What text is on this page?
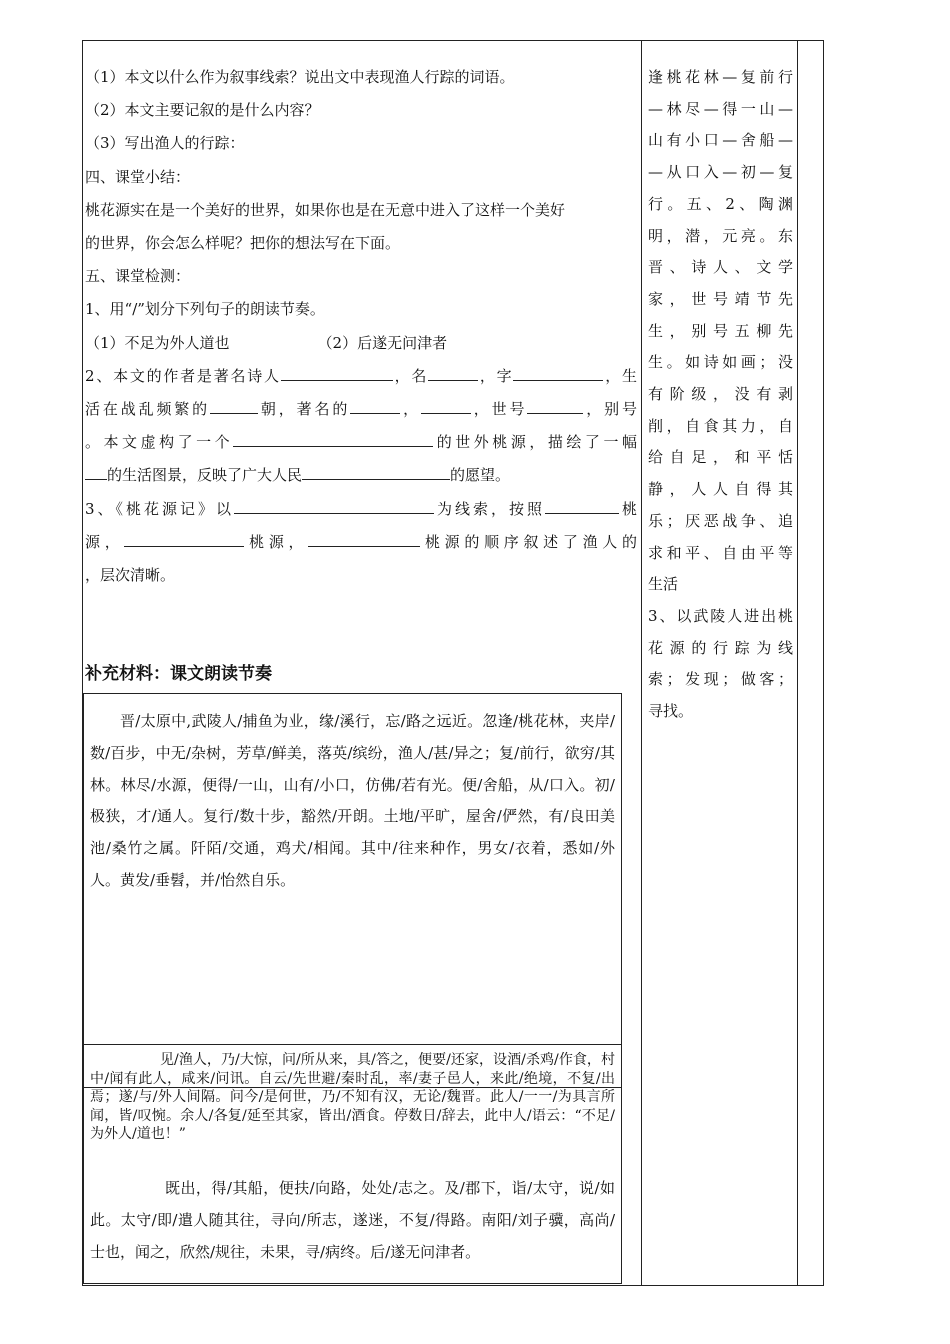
（1）本文以什么作为叙事线索？说出文中表现渔人行踪的词语。

（2）本文主要记叙的是什么内容？

（3）写出渔人的行踪：

四、课堂小结：

桃花源实在是一个美好的世界，如果你也是在无意中进入了这样一个美好

的世界，你会怎么样呢？把你的想法写在下面。

五、课堂检测：

1、用“/”划分下列句子的朗读节奏。

（1）不足为外人道也	（2）后遂无问津者

2、本文的作者是著名诗人	，名	，字	，生

活在战乱频繁的	朝，著名的	，	，世号	，别号

。本文虚构了一个	的世外桃源，描绘了一幅

的生活图景，反映了广大人民	的愿望。

3、《桃花源记》以	为线索，按照	桃

源，	桃源，	桃源的顺序叙述了渔人的

，层次清晰。

逢桃花林—复前行

—林尽—得一山—

山有小口—舍船—

—从口入—初—复

行。五、2、陶渊

明，潜，元亮。东

晋、诗人、文学

家，世号靖节先

生，别号五柳先

生。如诗如画；没

有阶级，没有剥

削，自食其力，自

给自足，和平恬

静，人人自得其

乐；厌恶战争、追

求和平、自由平等

生活

3、以武陵人进出桃

花源的行踪为线

索；发现；做客；

寻找。

补充材料：课文朗读节奏
晋/太原中,武陵人/捕鱼为业，缘/溪行，忘/路之远近。忽逢/桃花林，夹岸/数/百步，中无/杂树，芳草/鲜美，落英/缤纷，渔人/甚/异之；复/前行，欲穷/其林。林尽/水源，便得/一山，山有/小口，仿佛/若有光。便/舍船，从/口入。初/极狭，才/通人。复行/数十步，豁然/开朗。土地/平旷，屋舍/俨然，有/良田美池/桑竹之属。阡陌/交通，鸡犬/相闻。其中/往来种作，男女/衣着，悉如/外人。黄发/垂髫，并/怡然自乐。
见/渔人，乃/大惊，问/所从来，具/答之，便要/还家，设酒/杀鸡/作食，村中/闻有此人，咸来/问讯。自云/先世避/秦时乱，率/妻子邑人，来此/绝境，不复/出焉；遂/与/外人间隔。问今/是何世，乃/不知有汉，无论/魏晋。此人/一一/为具言所闻，皆/叹惋。余人/各复/延至其家，皆出/酒食。停数日/辞去，此中人/语云：“不足/为外人/道也！”
既出，得/其船，便扶/向路，处处/志之。及/郡下，诣/太守，说/如此。太守/即/遣人随其往，寻向/所志，遂迷，不复/得路。南阳/刘子骥，高尚/士也，闻之，欣然/规往，未果，寻/病终。后/遂无问津者。
